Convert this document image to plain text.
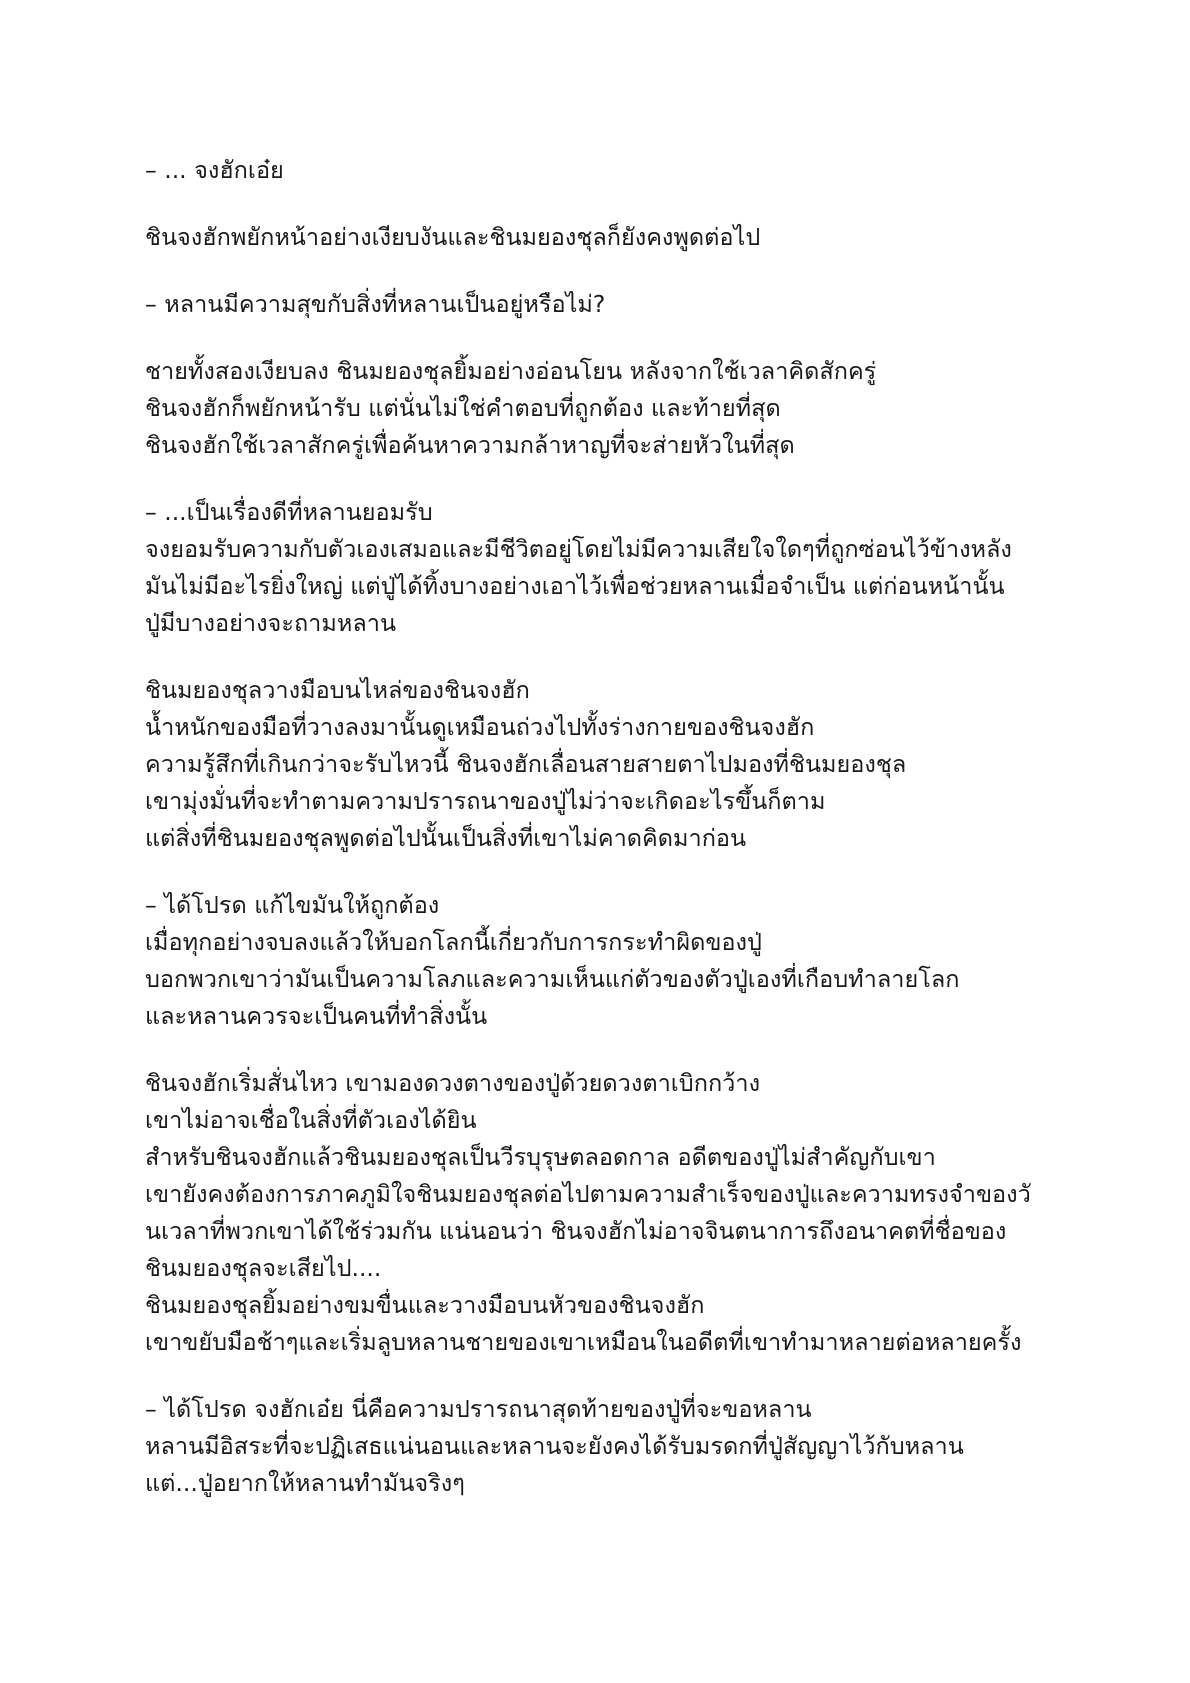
– ... จงฮักเอ๋ย

ชินจงฮักพยักหน้าอย่างเงียบงันและชินมยองชุลก็ยังคงพูดต่อไป

– หลานมีความสุขกับสิ่งที่หลานเป็นอยู่หรือไม่?

ชายทั้งสองเงียบลง ชินมยองชุลยิ้มอย่างอ่อนโยน หลังจากใช้เวลาคิดสักครู่
ชินจงฮักก็พยักหน้ารับ แต่นั่นไม่ใช่คำตอบที่ถูกต้อง และท้ายที่สุด
ชินจงฮักใช้เวลาสักครู่เพื่อค้นหาความกล้าหาญที่จะส่ายหัวในที่สุด

– ...เป็นเรื่องดีที่หลานยอมรับ
จงยอมรับความกับตัวเองเสมอและมีชีวิตอยู่โดยไม่มีความเสียใจใดๆที่ถูกซ่อนไว้ข้างหลัง
มันไม่มีอะไรยิ่งใหญ่ แต่ปู่ได้ทิ้งบางอย่างเอาไว้เพื่อช่วยหลานเมื่อจำเป็น แต่ก่อนหน้านั้น
ปู่มีบางอย่างจะถามหลาน

ชินมยองชุลวางมือบนไหล่ของชินจงฮัก
น้ำหนักของมือที่วางลงมานั้นดูเหมือนถ่วงไปทั้งร่างกายของชินจงฮัก
ความรู้สึกที่เกินกว่าจะรับไหวนี้ ชินจงฮักเลื่อนสายสายตาไปมองที่ชินมยองชุล
เขามุ่งมั่นที่จะทำตามความปรารถนาของปู่ไม่ว่าจะเกิดอะไรขึ้นก็ตาม
แต่สิ่งที่ชินมยองชุลพูดต่อไปนั้นเป็นสิ่งที่เขาไม่คาดคิดมาก่อน

– ได้โปรด แก้ไขมันให้ถูกต้อง
เมื่อทุกอย่างจบลงแล้วให้บอกโลกนี้เกี่ยวกับการกระทำผิดของปู่
บอกพวกเขาว่ามันเป็นความโลภและความเห็นแก่ตัวของตัวปู่เองที่เกือบทำลายโลก
และหลานควรจะเป็นคนที่ทำสิ่งนั้น

ชินจงฮักเริ่มสั่นไหว เขามองดวงตางของปู่ด้วยดวงตาเบิกกว้าง
เขาไม่อาจเชื่อในสิ่งที่ตัวเองได้ยิน
สำหรับชินจงฮักแล้วชินมยองชุลเป็นวีรบุรุษตลอดกาล อดีตของปู่ไม่สำคัญกับเขา
เขายังคงต้องการภาคภูมิใจชินมยองชุลต่อไปตามความสำเร็จของปู่และความทรงจำของวั
นเวลาที่พวกเขาได้ใช้ร่วมกัน แน่นอนว่า ชินจงฮักไม่อาจจินตนาการถึงอนาคตที่ชื่อของ
ชินมยองชุลจะเสียไป....
ชินมยองชุลยิ้มอย่างขมขื่นและวางมือบนหัวของชินจงฮัก
เขาขยับมือช้าๆและเริ่มลูบหลานชายของเขาเหมือนในอดีตที่เขาทำมาหลายต่อหลายครั้ง

– ได้โปรด จงฮักเอ๋ย นี่คือความปรารถนาสุดท้ายของปู่ที่จะขอหลาน
หลานมีอิสระที่จะปฏิเสธแน่นอนและหลานจะยังคงได้รับมรดกที่ปู่สัญญาไว้กับหลาน
แต่...ปู่อยากให้หลานทำมันจริงๆ
